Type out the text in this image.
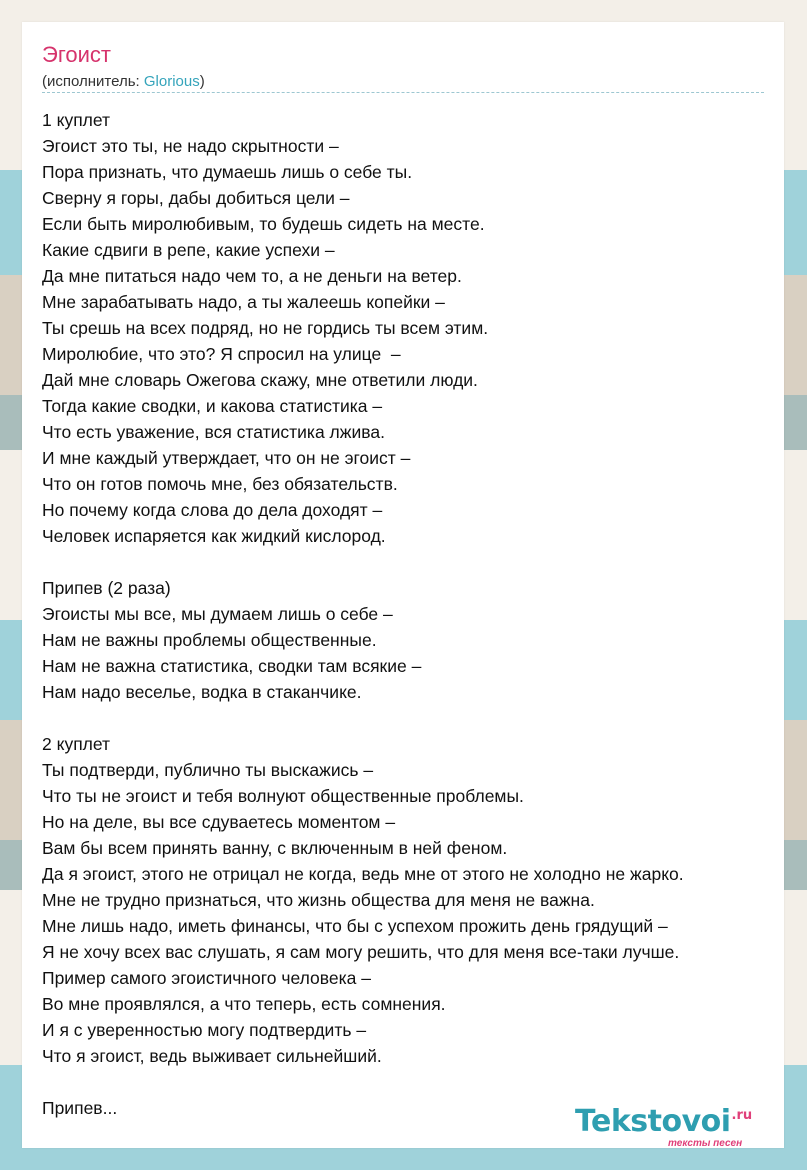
Эгоист
(исполнитель: Glorious)
1 куплет
Эгоист это ты, не надо скрытности –
Пора признать, что думаешь лишь о себе ты.
Сверну я горы, дабы добиться цели –
Если быть миролюбивым, то будешь сидеть на месте.
Какие сдвиги в репе, какие успехи –
Да мне питаться надо чем то, а не деньги на ветер.
Мне зарабатывать надо, а ты жалеешь копейки –
Ты срешь на всех подряд, но не гордись ты всем этим.
Миролюбие, что это? Я спросил на улице  –
Дай мне словарь Ожегова скажу, мне ответили люди.
Тогда какие сводки, и какова статистика –
Что есть уважение, вся статистика лжива.
И мне каждый утверждает, что он не эгоист –
Что он готов помочь мне, без обязательств.
Но почему когда слова до дела доходят –
Человек испаряется как жидкий кислород.
Припев (2 раза)
Эгоисты мы все, мы думаем лишь о себе –
Нам не важны проблемы общественные.
Нам не важна статистика, сводки там всякие –
Нам надо веселье, водка в стаканчике.
2 куплет
Ты подтверди, публично ты выскажись –
Что ты не эгоист и тебя волнуют общественные проблемы.
Но на деле, вы все сдуваетесь моментом –
Вам бы всем принять ванну, с включенным в ней феном.
Да я эгоист, этого не отрицал не когда, ведь мне от этого не холодно не жарко.
Мне не трудно признаться, что жизнь общества для меня не важна.
Мне лишь надо, иметь финансы, что бы с успехом прожить день грядущий –
Я не хочу всех вас слушать, я сам могу решить, что для меня все-таки лучше.
Пример самого эгоистичного человека –
Во мне проявлялся, а что теперь, есть сомнения.
И я с уверенностью могу подтвердить –
Что я эгоист, ведь выживает сильнейший.
Припев...	Tekstovoi$^{.ru}$
тексты песен
